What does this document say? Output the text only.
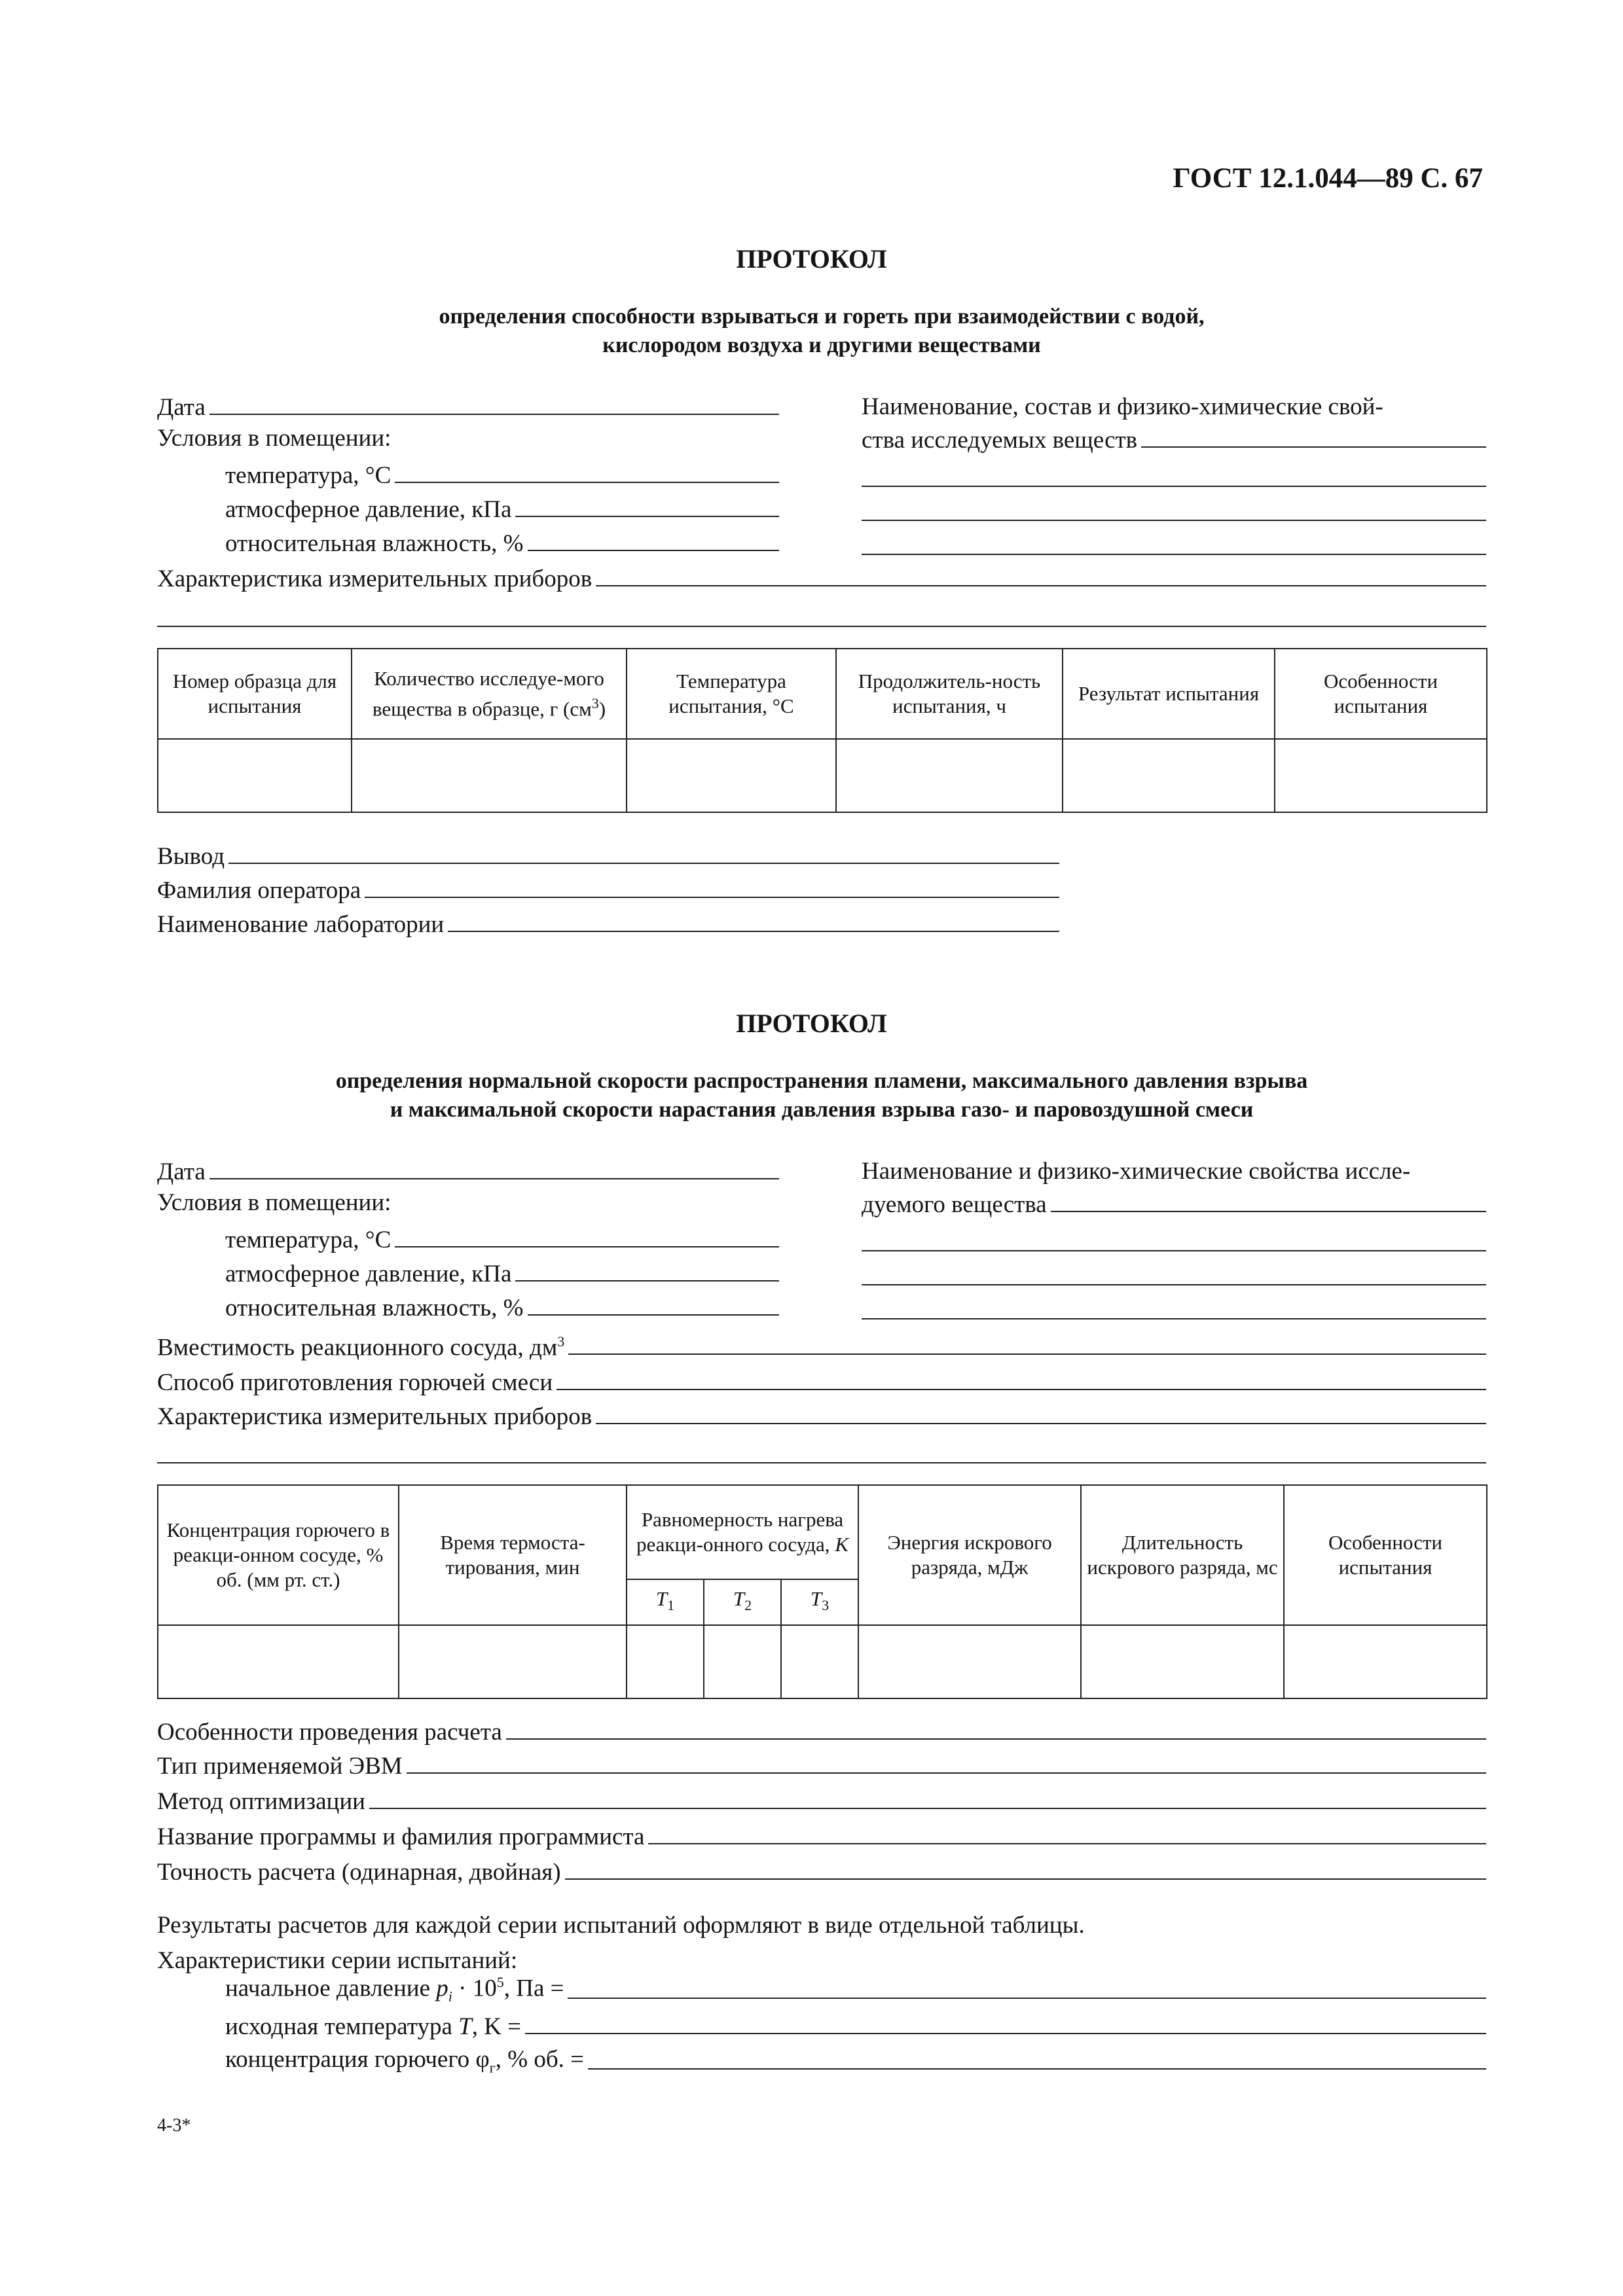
ГОСТ 12.1.044—89 С. 67
ПРОТОКОЛ
определения способности взрываться и гореть при взаимодействии с водой,
кислородом воздуха и другими веществами
Дата
Условия в помещении:
температура, °С
атмосферное давление, кПа
относительная влажность, %
Наименование, состав и физико-химические свой-
ства исследуемых веществ
Характеристика измерительных приборов
Номер образца для испытания	Количество исследуе-мого вещества в образце, г $(см^3)$	Температура испытания, °С	Продолжитель-ность испытания, ч	Результат испытания	Особенности испытания

Вывод
Фамилия оператора
Наименование лаборатории
ПРОТОКОЛ
определения нормальной скорости распространения пламени, максимального давления взрыва
и максимальной скорости нарастания давления взрыва газо- и паровоздушной смеси
Дата
Условия в помещении:
температура, °С
атмосферное давление, кПа
относительная влажность, %
Наименование и физико-химические свойства иссле-
дуемого вещества
Вместимость реакционного сосуда, $дм^3$
Способ приготовления горючей смеси
Характеристика измерительных приборов
Концентрация горючего в реакци-онном сосуде, % об. (мм рт. ст.)	Время термоста-тирования, мин	Равномерность нагрева реакци-онного сосуда, K			Энергия искрового разряда, мДж	Длительность искрового разряда, мс	Особенности испытания
		$T_1$	$T_2$	$T_3$

Особенности проведения расчета
Тип применяемой ЭВМ
Метод оптимизации
Название программы и фамилия программиста
Точность расчета (одинарная, двойная)
Результаты расчетов для каждой серии испытаний оформляют в виде отдельной таблицы.
Характеристики серии испытаний:
начальное давление $p_i \cdot 10^5$, Па =
исходная температура T, K =
концентрация горючего $\varphi_г$, % об. =
4-3*
